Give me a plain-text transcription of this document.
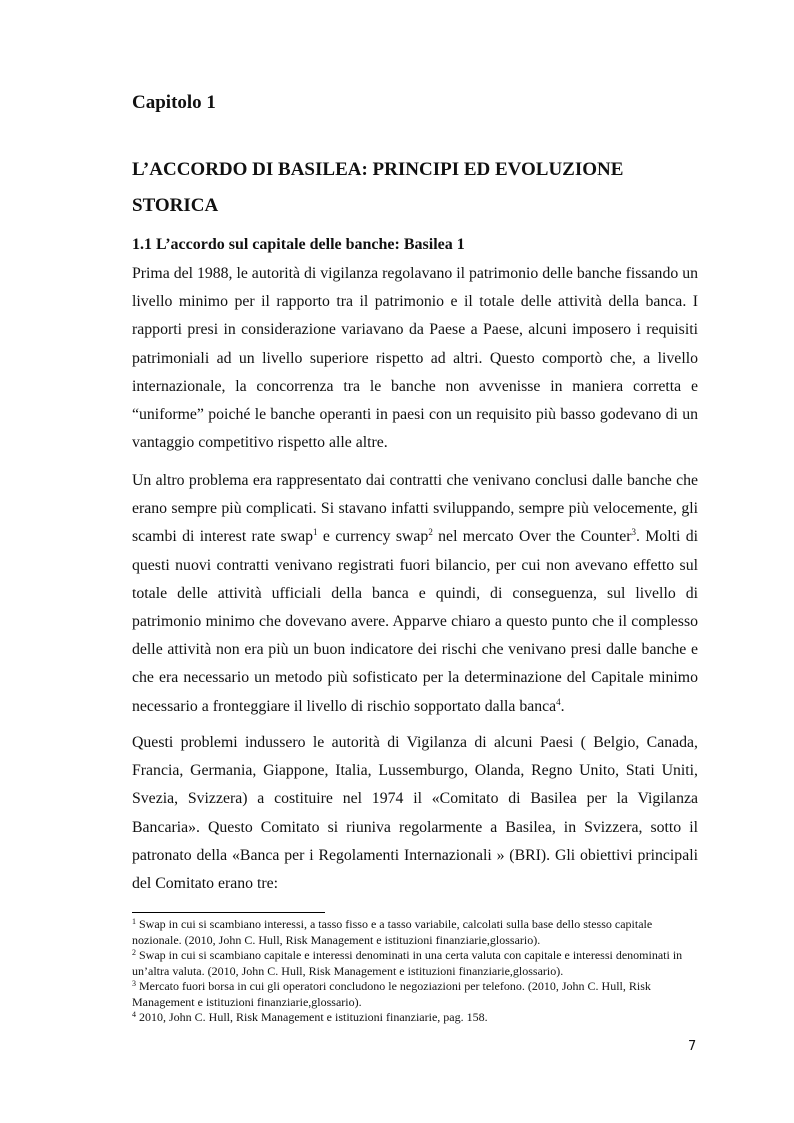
Capitolo 1
L’ACCORDO DI BASILEA: PRINCIPI ED EVOLUZIONE STORICA
1.1 L’accordo sul capitale delle banche: Basilea 1

Prima del 1988, le autorità di vigilanza regolavano il patrimonio delle banche fissando un livello minimo per il rapporto tra il patrimonio e il totale delle attività della banca. I rapporti presi in considerazione variavano da Paese a Paese, alcuni imposero i requisiti patrimoniali ad un livello superiore rispetto ad altri. Questo comportò che, a livello internazionale, la concorrenza tra le banche non avvenisse in maniera corretta e “uniforme” poiché le banche operanti in paesi con un requisito più basso godevano di un vantaggio competitivo rispetto alle altre.

Un altro problema era rappresentato dai contratti che venivano conclusi dalle banche che erano sempre più complicati. Si stavano infatti sviluppando, sempre più velocemente, gli scambi di interest rate swap$^1$ e currency swap$^2$ nel mercato Over the Counter$^3$. Molti di questi nuovi contratti venivano registrati fuori bilancio, per cui non avevano effetto sul totale delle attività ufficiali della banca e quindi, di conseguenza, sul livello di patrimonio minimo che dovevano avere. Apparve chiaro a questo punto che il complesso delle attività non era più un buon indicatore dei rischi che venivano presi dalle banche e che era necessario un metodo più sofisticato per la determinazione del Capitale minimo necessario a fronteggiare il livello di rischio sopportato dalla banca$^4$.

Questi problemi indussero le autorità di Vigilanza di alcuni Paesi ( Belgio, Canada, Francia, Germania, Giappone, Italia, Lussemburgo, Olanda, Regno Unito, Stati Uniti, Svezia, Svizzera) a costituire nel 1974 il «Comitato di Basilea per la Vigilanza Bancaria». Questo Comitato si riuniva regolarmente a Basilea, in Svizzera, sotto il patronato della «Banca per i Regolamenti Internazionali » (BRI). Gli obiettivi principali del Comitato erano tre:

$^1$ Swap in cui si scambiano interessi, a tasso fisso e a tasso variabile, calcolati sulla base dello stesso capitale nozionale. (2010, John C. Hull, Risk Management e istituzioni finanziarie,glossario).

$^2$ Swap in cui si scambiano capitale e interessi denominati in una certa valuta con capitale e interessi denominati in un’altra valuta. (2010, John C. Hull, Risk Management e istituzioni finanziarie,glossario).

$^3$ Mercato fuori borsa in cui gli operatori concludono le negoziazioni per telefono. (2010, John C. Hull, Risk Management e istituzioni finanziarie,glossario).

$^4$ 2010, John C. Hull, Risk Management e istituzioni finanziarie, pag. 158.

7
